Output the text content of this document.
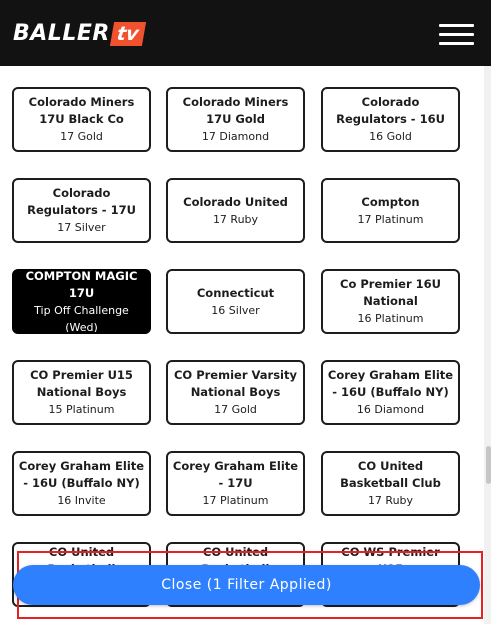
BALLER tv
Colorado Miners 17U Black Co
17 Gold
Colorado Miners 17U Gold
17 Diamond
Colorado Regulators - 16U
16 Gold
Colorado Regulators - 17U
17 Silver
Colorado United
17 Ruby
Compton
17 Platinum
COMPTON MAGIC 17U
Tip Off Challenge (Wed)
Connecticut
16 Silver
Co Premier 16U National
16 Platinum
CO Premier U15 National Boys
15 Platinum
CO Premier Varsity National Boys
17 Gold
Corey Graham Elite - 16U (Buffalo NY)
16 Diamond
Corey Graham Elite - 16U (Buffalo NY)
16 Invite
Corey Graham Elite - 17U
17 Platinum
CO United Basketball Club
17 Ruby
CO United	CO United	CO WS Premier
Close (1 Filter Applied)
